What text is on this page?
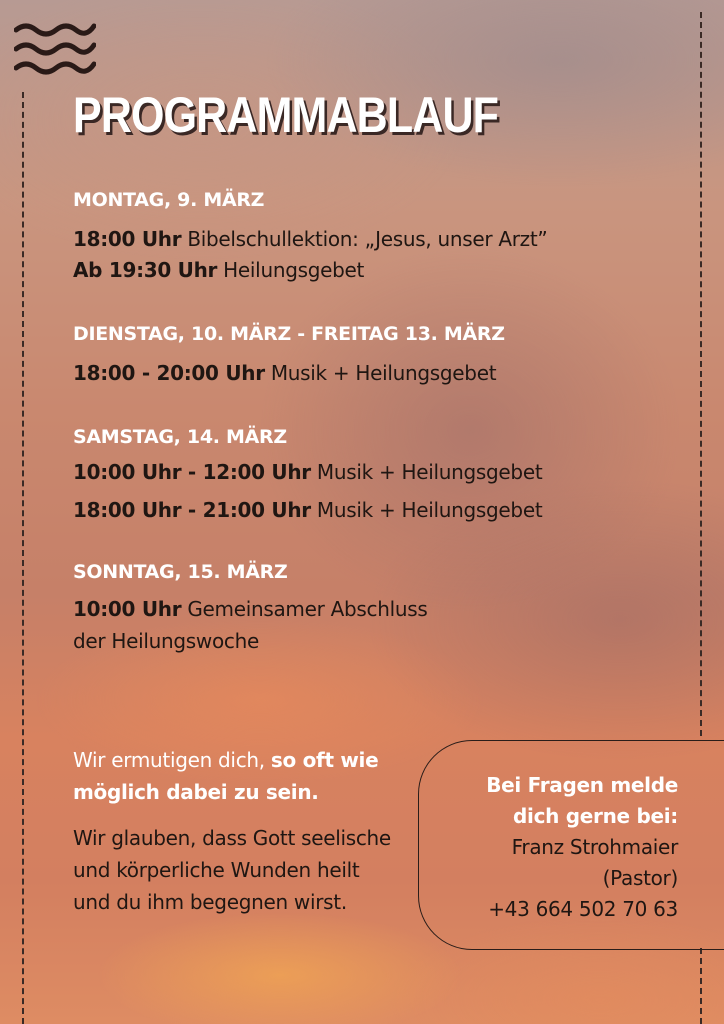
PROGRAMMABLAUF

MONTAG, 9. MÄRZ

18:00 Uhr Bibelschullektion: „Jesus, unser Arzt”

Ab 19:30 Uhr Heilungsgebet

DIENSTAG, 10. MÄRZ - FREITAG 13. MÄRZ

18:00 - 20:00 Uhr Musik + Heilungsgebet

SAMSTAG, 14. MÄRZ

10:00 Uhr - 12:00 Uhr Musik + Heilungsgebet

18:00 Uhr - 21:00 Uhr Musik + Heilungsgebet

SONNTAG, 15. MÄRZ

10:00 Uhr Gemeinsamer Abschluss

der Heilungswoche

Wir ermutigen dich, so oft wie möglich dabei zu sein.

Wir glauben, dass Gott seelische und körperliche Wunden heilt und du ihm begegnen wirst.

Bei Fragen melde
dich gerne bei:
Franz Strohmaier
(Pastor)
+43 664 502 70 63
